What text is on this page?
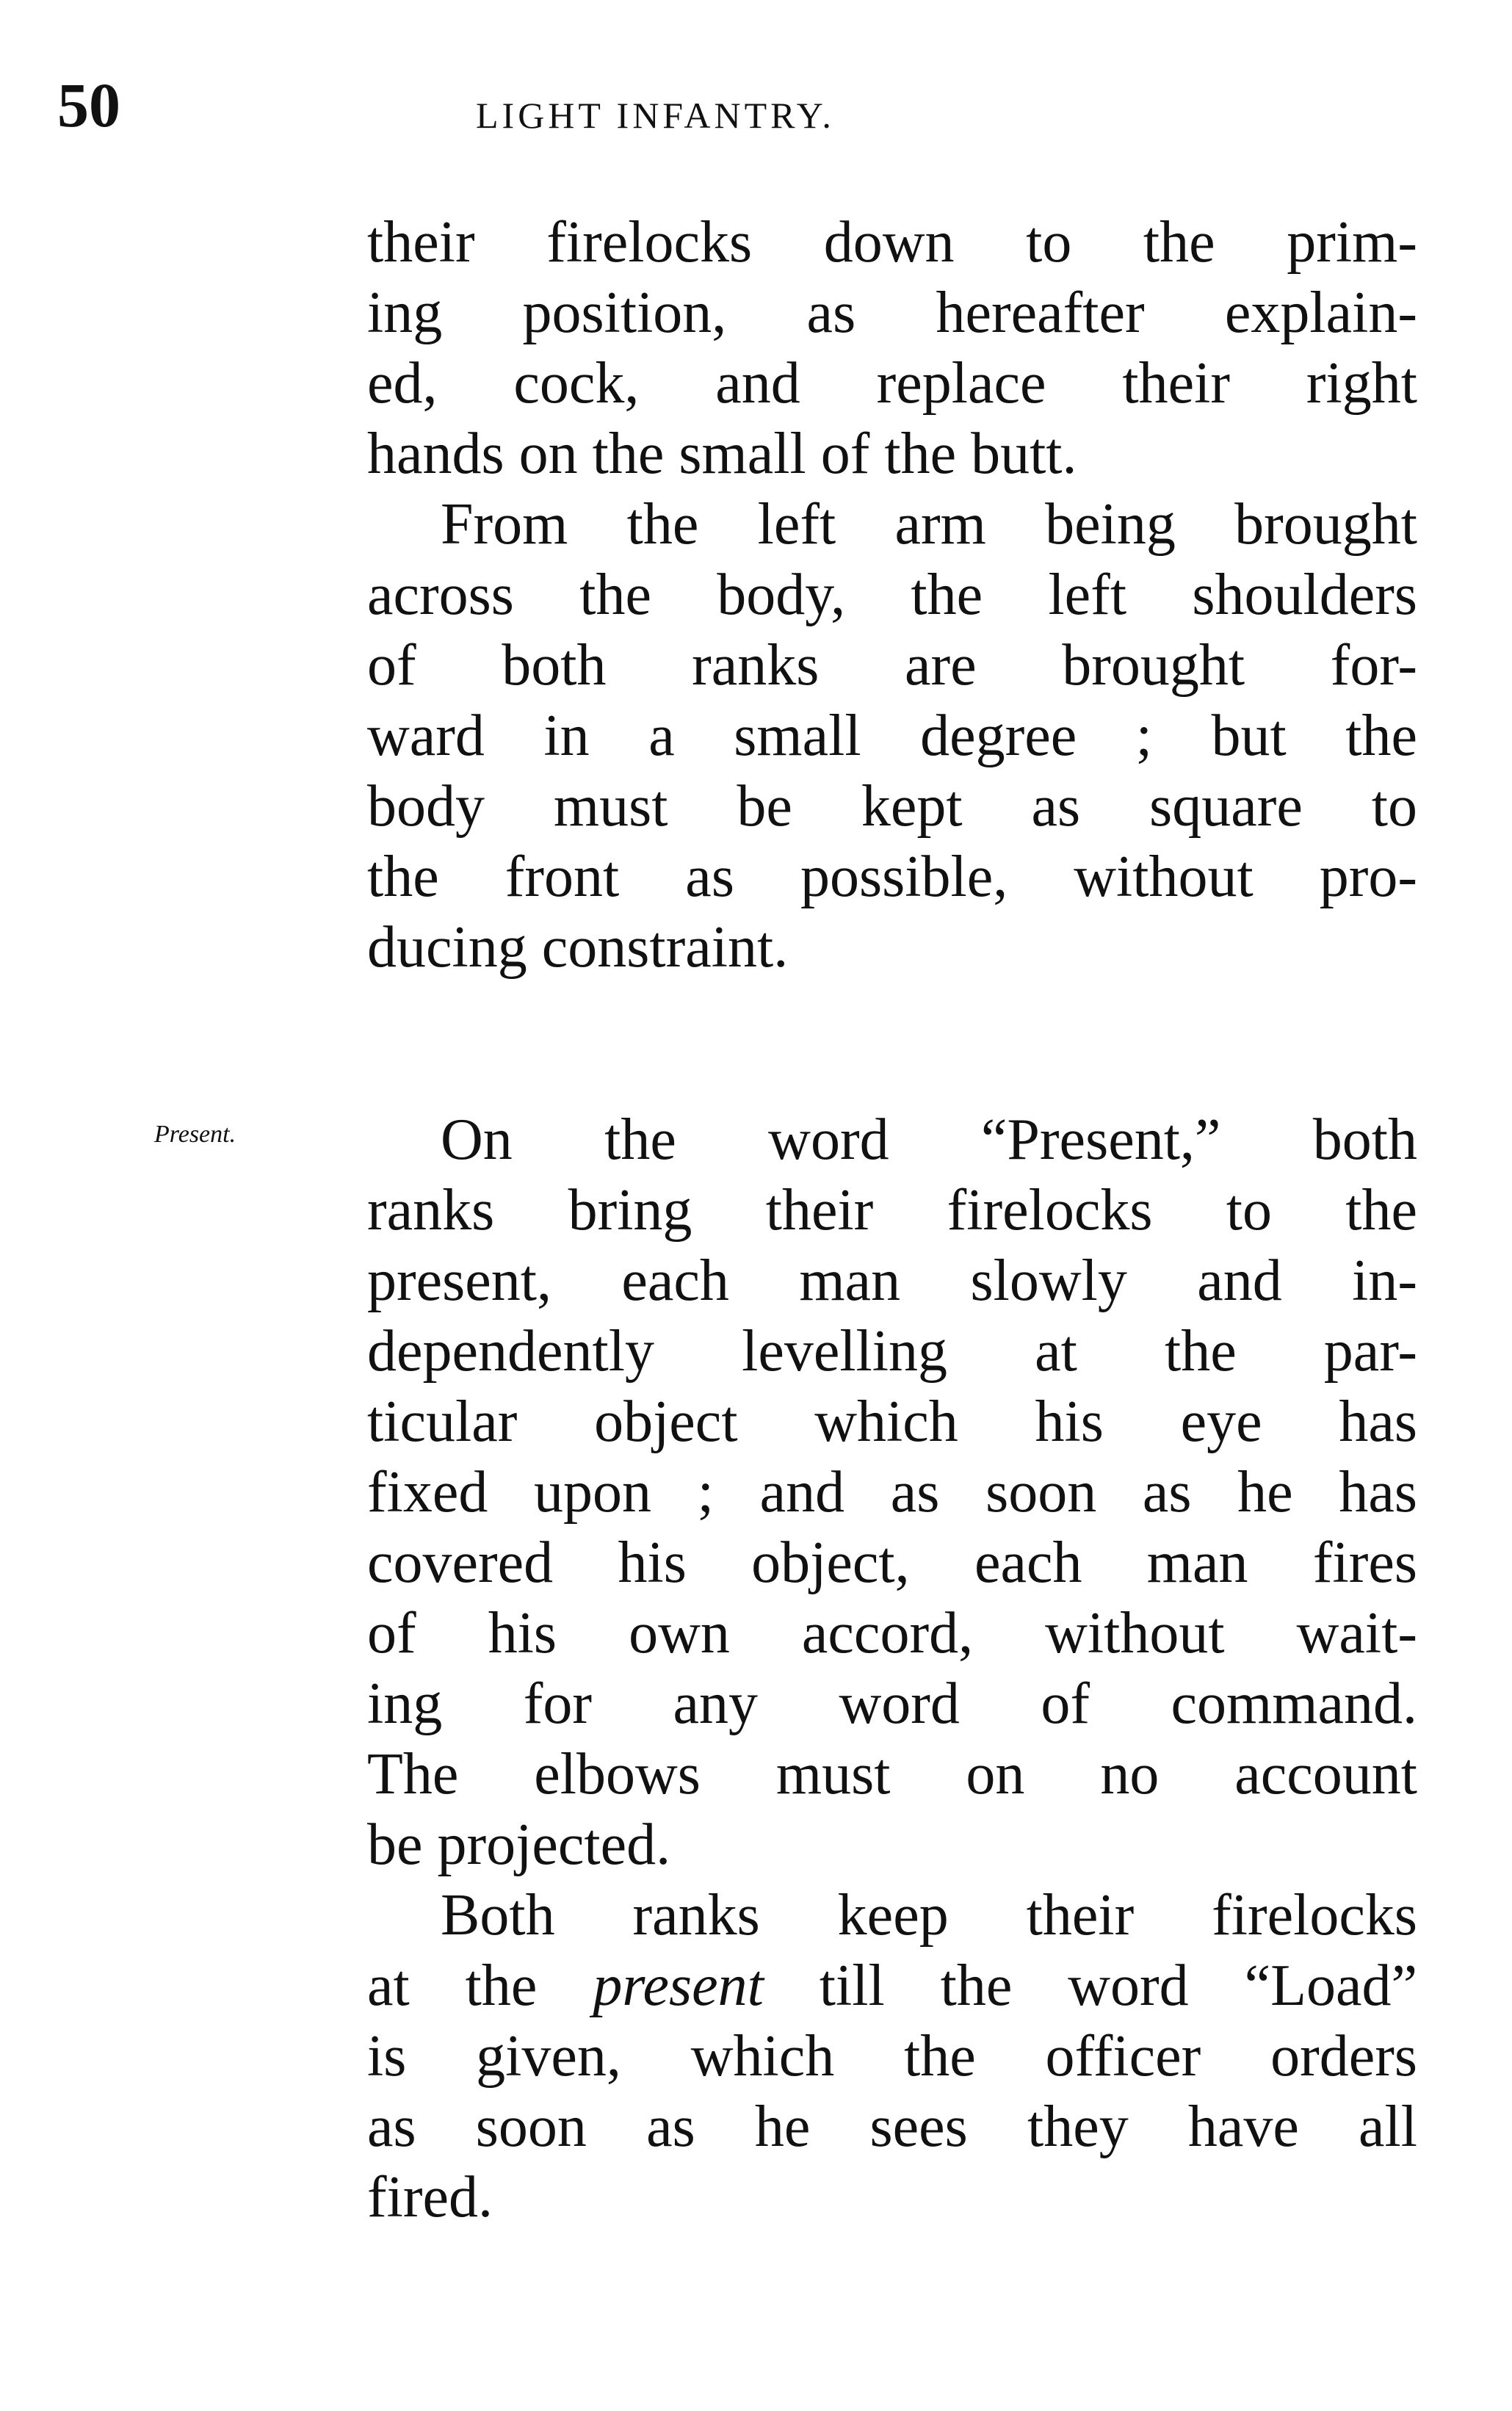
50	LIGHT INFANTRY.
their firelocks down to the prim-
ing position, as hereafter explain-
ed, cock, and replace their right
hands on the small of the butt.
From the left arm being brought
across the body, the left shoulders
of both ranks are brought for-
ward in a small degree ; but the
body must be kept as square to
the front as possible, without pro-
ducing constraint.
Present.	On the word “Present,” both
ranks bring their firelocks to the
present, each man slowly and in-
dependently levelling at the par-
ticular object which his eye has
fixed upon ; and as soon as he has
covered his object, each man fires
of his own accord, without wait-
ing for any word of command.
The elbows must on no account
be projected.
Both ranks keep their firelocks
at the present till the word “Load”
is given, which the officer orders
as soon as he sees they have all
fired.
